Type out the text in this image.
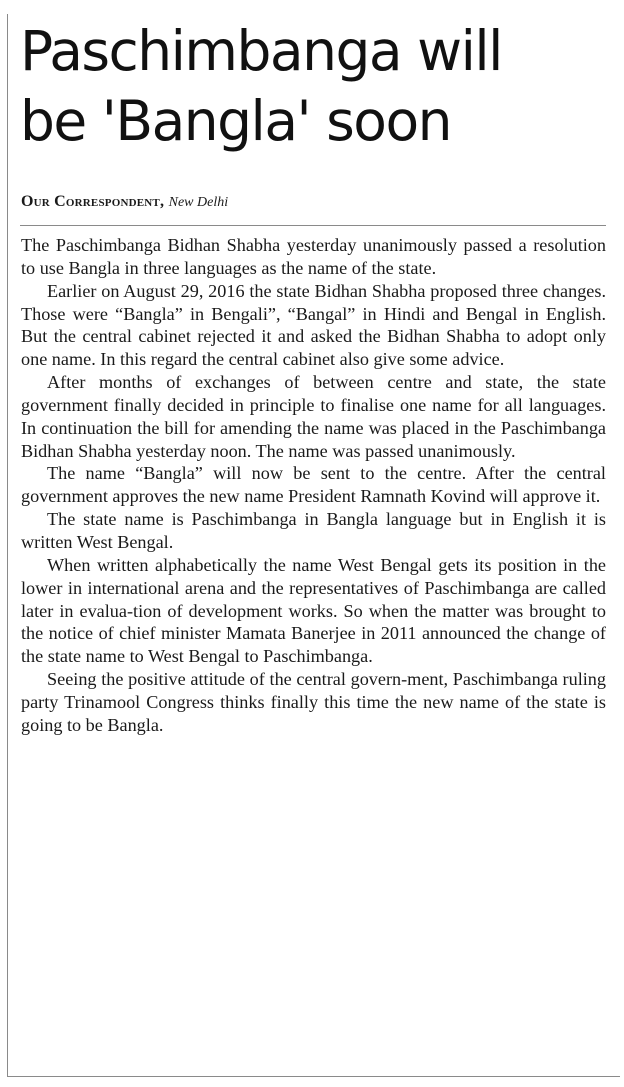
Paschimbanga will
be 'Bangla' soon
Our Correspondent, New Delhi

The Paschimbanga Bidhan Shabha yesterday unanimously passed a resolution to use Bangla in three languages as the name of the state.

Earlier on August 29, 2016 the state Bidhan Shabha proposed three changes. Those were “Bangla” in Bengali”, “Bangal” in Hindi and Bengal in English. But the central cabinet rejected it and asked the Bidhan Shabha to adopt only one name. In this regard the central cabinet also give some advice.

After months of exchanges of between centre and state, the state government finally decided in principle to finalise one name for all languages. In continuation the bill for amending the name was placed in the Paschimbanga Bidhan Shabha yesterday noon. The name was passed unanimously.

The name “Bangla” will now be sent to the centre. After the central government approves the new name President Ramnath Kovind will approve it.

The state name is Paschimbanga in Bangla language but in English it is written West Bengal.

When written alphabetically the name West Bengal gets its position in the lower in international arena and the representatives of Paschimbanga are called later in evalua-tion of development works. So when the matter was brought to the notice of chief minister Mamata Banerjee in 2011 announced the change of the state name to West Bengal to Paschimbanga.

Seeing the positive attitude of the central govern-ment, Paschimbanga ruling party Trinamool Congress thinks finally this time the new name of the state is going to be Bangla.
